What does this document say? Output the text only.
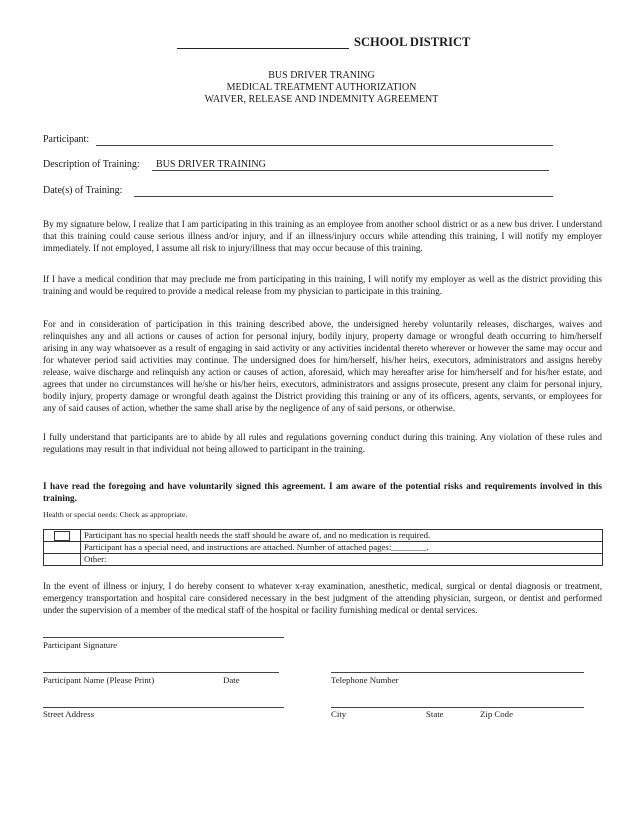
SCHOOL DISTRICT
BUS DRIVER TRANING
MEDICAL TREATMENT AUTHORIZATION
WAIVER, RELEASE AND INDEMNITY AGREEMENT
Participant:
Description of Training: BUS DRIVER TRAINING
Date(s) of Training:

By my signature below, I realize that I am participating in this training as an employee from another school district or as a new bus driver. I understand that this training could cause serious illness and/or injury, and if an illness/injury occurs while attending this training, I will notify my employer immediately. If not employed, I assume all risk to injury/illness that may occur because of this training.

If I have a medical condition that may preclude me from participating in this training, I will notify my employer as well as the district providing this training and would be required to provide a medical release from my physician to participate in this training.

For and in consideration of participation in this training described above, the undersigned hereby voluntarily releases, discharges, waives and relinquishes any and all actions or causes of action for personal injury, bodily injury, property damage or wrongful death occurring to him/herself arising in any way whatsoever as a result of engaging in said activity or any activities incidental thereto wherever or however the same may occur and for whatever period said activities may continue. The undersigned does for him/herself, his/her heirs, executors, administrators and assigns hereby release, waive discharge and relinquish any action or causes of action, aforesaid, which may hereafter arise for him/herself and for his/her estate, and agrees that under no circumstances will he/she or his/her heirs, executors, administrators and assigns prosecute, present any claim for personal injury, bodily injury, property damage or wrongful death against the District providing this training or any of its officers, agents, servants, or employees for any of said causes of action, whether the same shall arise by the negligence of any of said persons, or otherwise.

I fully understand that participants are to abide by all rules and regulations governing conduct during this training. Any violation of these rules and regulations may result in that individual not being allowed to participant in the training.

I have read the foregoing and have voluntarily signed this agreement. I am aware of the potential risks and requirements involved in this training.

Health or special needs: Check as appropriate.
	Participant has no special health needs the staff should be aware of, and no medication is required.
	Participant has a special need, and instructions are attached. Number of attached pages:________.
	Other:

In the event of illness or injury, I do hereby consent to whatever x-ray examination, anesthetic, medical, surgical or dental diagnosis or treatment, emergency transportation and hospital care considered necessary in the best judgment of the attending physician, surgeon, or dentist and performed under the supervision of a member of the medical staff of the hospital or facility furnishing medical or dental services.

Participant Signature
Participant Name (Please Print)	Date	Telephone Number
Street Address	City	State	Zip Code
